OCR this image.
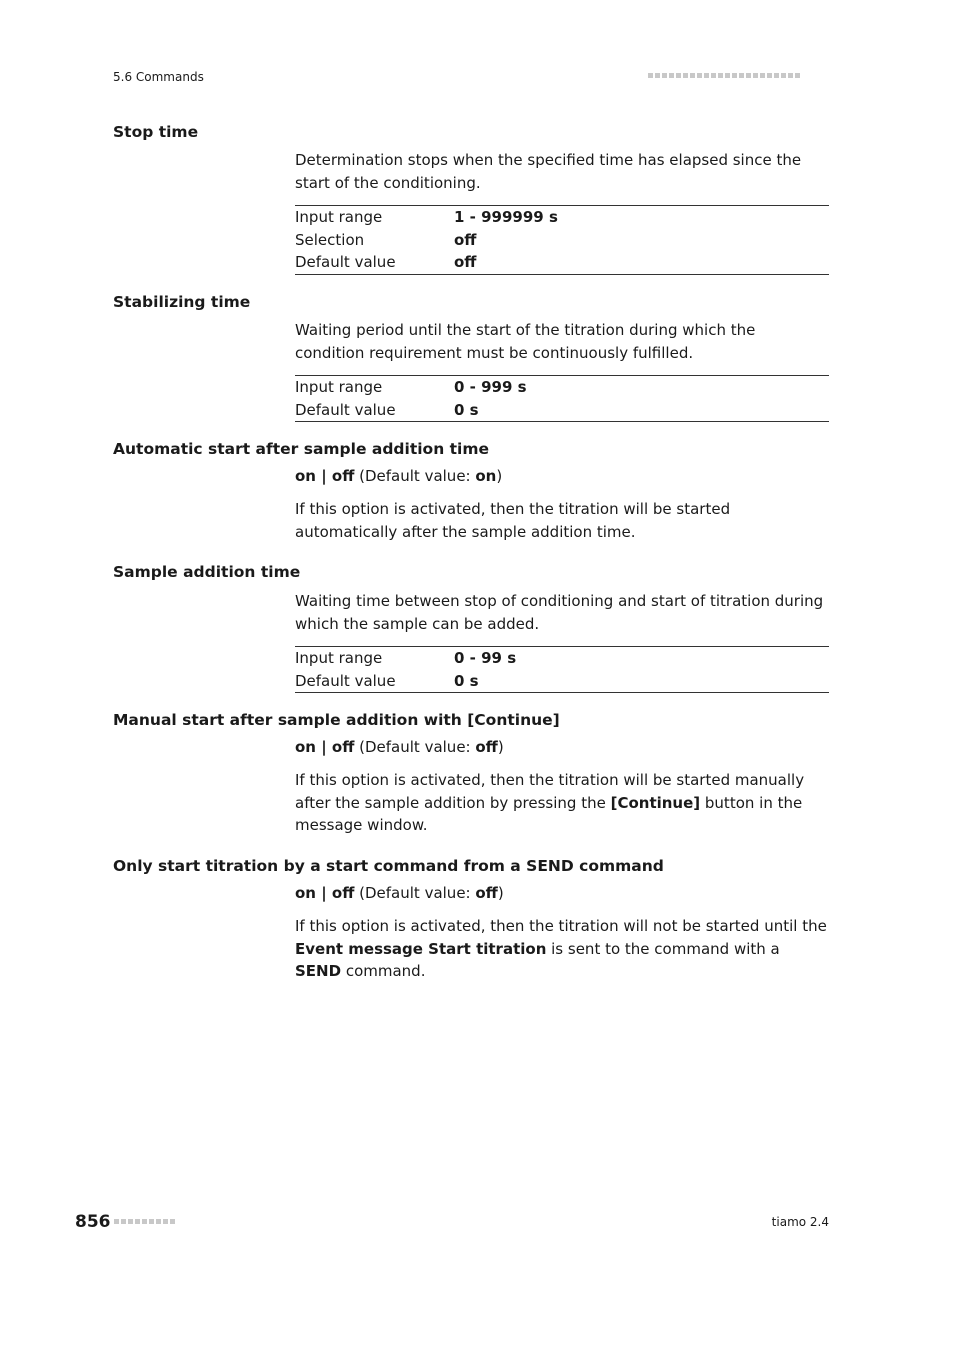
5.6 Commands
Stop time
Determination stops when the specified time has elapsed since the start of the conditioning.
Input range	1 - 999999 s
Selection	off
Default value	off
Stabilizing time
Waiting period until the start of the titration during which the condition requirement must be continuously fulfilled.
Input range	0 - 999 s
Default value	0 s
Automatic start after sample addition time
on | off (Default value: on)
If this option is activated, then the titration will be started automatically after the sample addition time.
Sample addition time
Waiting time between stop of conditioning and start of titration during which the sample can be added.
Input range	0 - 99 s
Default value	0 s
Manual start after sample addition with [Continue]
on | off (Default value: off)
If this option is activated, then the titration will be started manually after the sample addition by pressing the [Continue] button in the message window.
Only start titration by a start command from a SEND command
on | off (Default value: off)
If this option is activated, then the titration will not be started until the Event message Start titration is sent to the command with a SEND command.
856	tiamo 2.4
